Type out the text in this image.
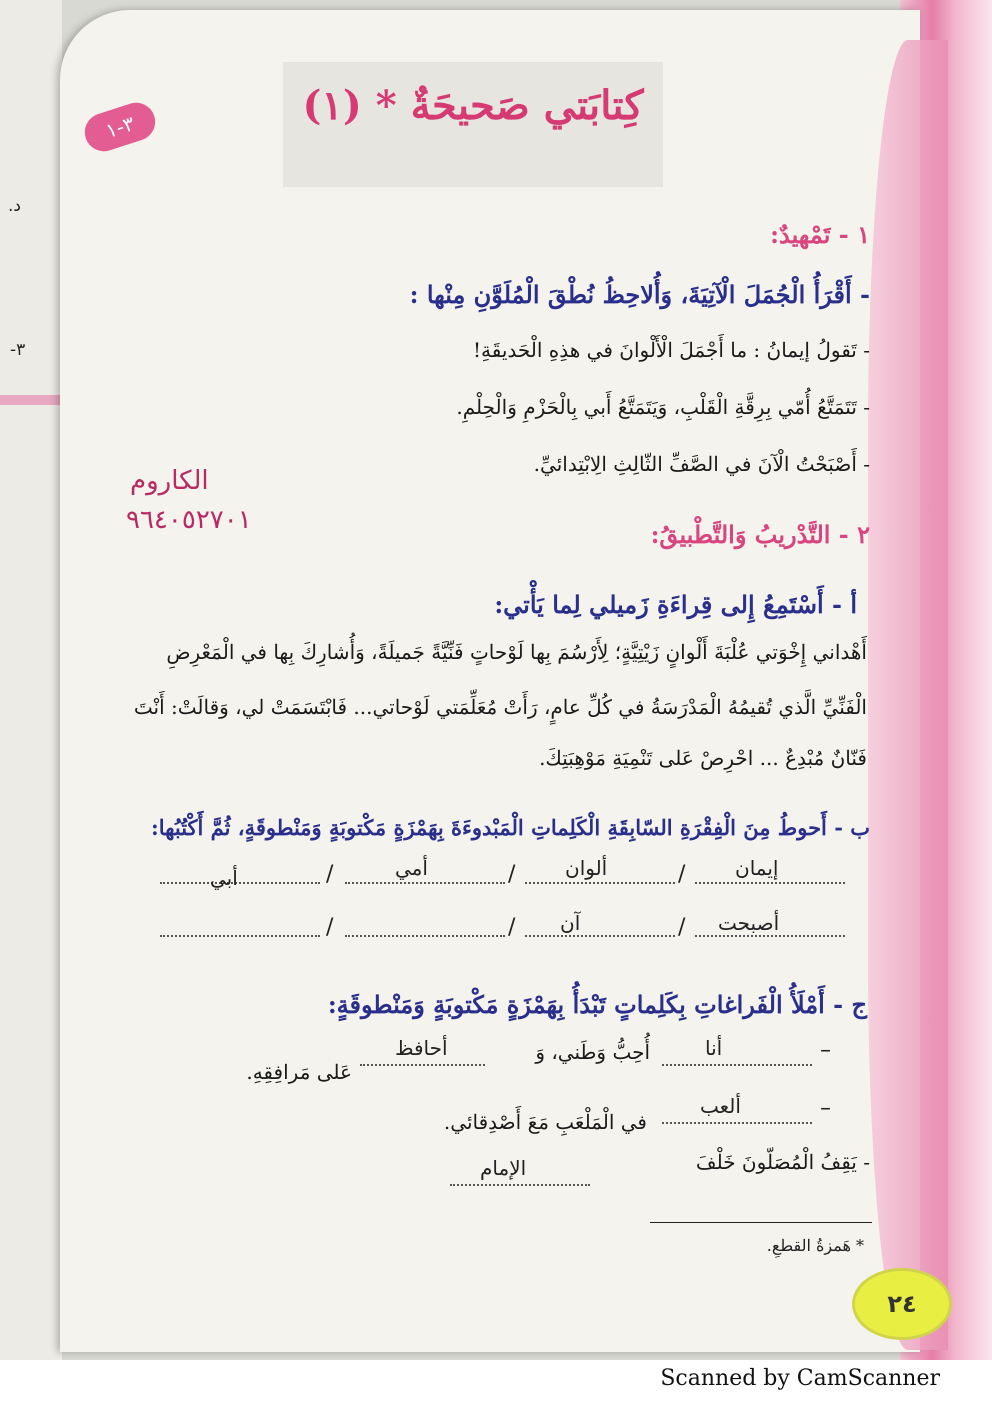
د.
٣-
كِتابَتي صَحيحَةٌ * (١)
٣-١
١ - تَمْهيدٌ:
- أَقْرَأُ الْجُمَلَ الْآتِيَةَ، وَأُلاحِظُ نُطْقَ الْمُلَوَّنِ مِنْها :
- تَقولُ إيمانُ : ما أَجْمَلَ الْأَلْوانَ في هذِهِ الْحَديقَةِ!
- تَتَمَتَّعُ أُمّي بِرِقَّةِ الْقَلْبِ، وَيَتَمَتَّعُ أَبي بِالْحَزْمِ وَالْحِلْمِ.
- أَصْبَحْتُ الْآنَ في الصَّفِّ الثّالِثِ الِابْتِدائيِّ.
الكاروم
٩٦٤٠٥٢٧٠١	٢ - التَّدْريبُ وَالتَّطْبيقُ:
أ - أَسْتَمِعُ إِلى قِراءَةِ زَميلي لِما يَأْتي:
أَهْداني إِخْوَتي عُلْبَةَ أَلْوانٍ زَيْتِيَّةٍ؛ لِأَرْسُمَ بِها لَوْحاتٍ فَنِّيَّةً جَميلَةً، وَأُشارِكَ بِها في الْمَعْرِضِ
الْفَنِّيِّ الَّذي تُقيمُهُ الْمَدْرَسَةُ في كُلِّ عامٍ، رَأَتْ مُعَلِّمَتي لَوْحاتي... فَابْتَسَمَتْ لي، وَقالَتْ: أَنْتَ
فَنّانٌ مُبْدِعٌ ... احْرِصْ عَلى تَنْمِيَةِ مَوْهِبَتِكَ.
ب - أَحوطُ مِنَ الْفِقْرَةِ السّابِقَةِ الْكَلِماتِ الْمَبْدوءَةَ بِهَمْزَةٍ مَكْتوبَةٍ وَمَنْطوقَةٍ، ثُمَّ أَكْتُبُها:
إيمان
/
ألوان
/
أمي
/
أبي
أصبحت
/
آن
/
/
ج - أَمْلَأُ الْفَراغاتِ بِكَلِماتٍ تَبْدَأُ بِهَمْزَةٍ مَكْتوبَةٍ وَمَنْطوقَةٍ:
–
أنا
أُحِبُّ وَطَني، وَ
أحافظ
عَلى مَرافِقِهِ.
–
ألعب
في الْمَلْعَبِ مَعَ أَصْدِقائي.
- يَقِفُ الْمُصَلّونَ خَلْفَ
الإمام
* هَمزةُ القطعِ.
٢٤
Scanned by CamScanner
